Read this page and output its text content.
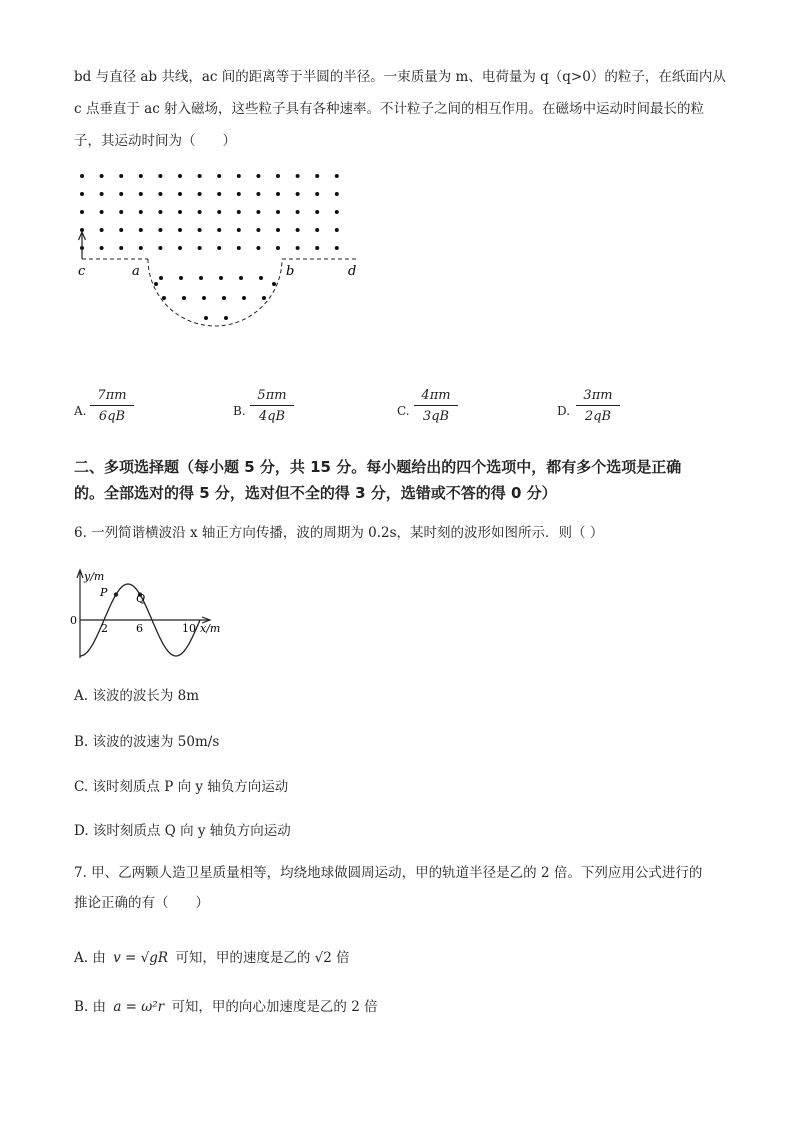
bd 与直径 ab 共线，ac 间的距离等于半圆的半径。一束质量为 m、电荷量为 q（q>0）的粒子，在纸面内从
c 点垂直于 ac 射入磁场，这些粒子具有各种速率。不计粒子之间的相互作用。在磁场中运动时间最长的粒
子，其运动时间为（　　）
c	a	b	d
A. $\frac{7\pi m}{6qB}$	B. $\frac{5\pi m}{4qB}$	C. $\frac{4\pi m}{3qB}$	D. $\frac{3\pi m}{2qB}$
二、多项选择题（每小题 5 分，共 15 分。每小题给出的四个选项中，都有多个选项是正确
的。全部选对的得 5 分，选对但不全的得 3 分，选错或不答的得 0 分）
6. 一列简谐横波沿 x 轴正方向传播，波的周期为 0.2s，某时刻的波形如图所示．则（ ）
y/m
x/m
0
P	Q
2	6	10
A. 该波的波长为 8m
B. 该波的波速为 50m/s
C. 该时刻质点 P 向 y 轴负方向运动
D. 该时刻质点 Q 向 y 轴负方向运动
7. 甲、乙两颗人造卫星质量相等，均绕地球做圆周运动，甲的轨道半径是乙的 2 倍。下列应用公式进行的
推论正确的有（　　）
A. 由 v = √gR 可知，甲的速度是乙的 √2 倍
B. 由 a = ω²r 可知，甲的向心加速度是乙的 2 倍
